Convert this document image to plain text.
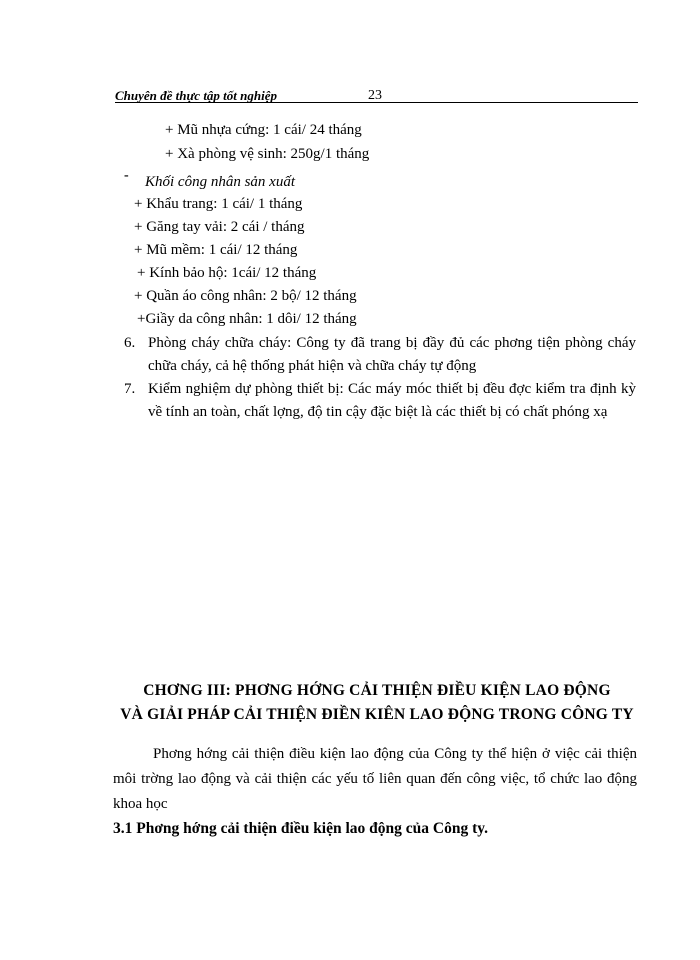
Chuyên đề thực tập tốt nghiệp	23
+ Mũ nhựa cứng: 1 cái/ 24 tháng
+ Xà phòng vệ sinh: 250g/1 tháng
- Khối công nhân sản xuất
+ Khẩu trang: 1 cái/ 1 tháng
+ Găng tay vải: 2 cái / tháng
+ Mũ mềm: 1 cái/ 12 tháng
+ Kính bảo hộ: 1cái/ 12 tháng
+ Quần áo công nhân: 2 bộ/ 12 tháng
+Giầy da công nhân: 1 dôi/ 12 tháng
6. Phòng cháy chữa cháy: Công ty đã trang bị đầy đủ các phơng tiện phòng cháy chữa cháy, cả hệ thống phát hiện và chữa cháy tự động
7. Kiểm nghiệm dự phòng thiết bị: Các máy móc thiết bị đều đợc kiểm tra định kỳ về tính an toàn, chất lợng, độ tin cậy đặc biệt là các thiết bị có chất phóng xạ
CHƠNG III: PHƠNG HỚNG CẢI THIỆN ĐIỀU KIỆN LAO ĐỘNG
VÀ GIẢI PHÁP CẢI THIỆN ĐIỀN KIÊN LAO ĐỘNG TRONG CÔNG TY
Phơng hớng cải thiện điều kiện lao động của Công ty thể hiện ở việc cải thiện môi trờng lao động và cải thiện các yếu tố liên quan đến công việc, tổ chức lao động khoa học
3.1 Phơng hớng cải thiện điều kiện lao động của Công ty.
